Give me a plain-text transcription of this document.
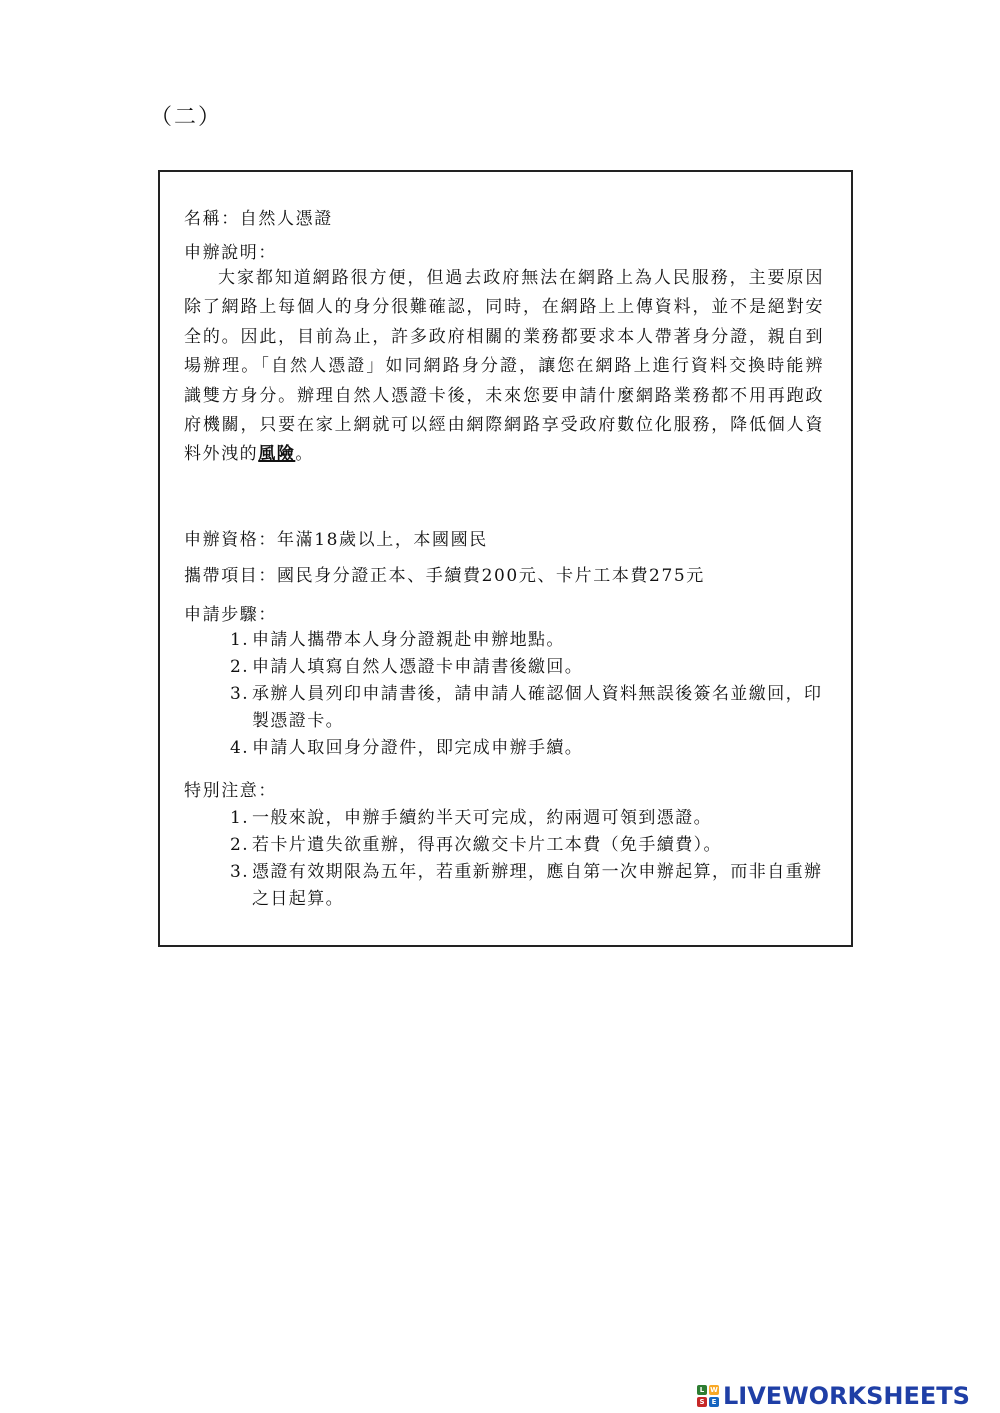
（二）
名稱：自然人憑證
申辦說明：
大家都知道網路很方便，但過去政府無法在網路上為人民服務，主要原因除了網路上每個人的身分很難確認，同時，在網路上上傳資料，並不是絕對安全的。因此，目前為止，許多政府相關的業務都要求本人帶著身分證，親自到場辦理。「自然人憑證」如同網路身分證，讓您在網路上進行資料交換時能辨識雙方身分。辦理自然人憑證卡後，未來您要申請什麼網路業務都不用再跑政府機關，只要在家上網就可以經由網際網路享受政府數位化服務，降低個人資料外洩的風險。
申辦資格：年滿18歲以上，本國國民
攜帶項目：國民身分證正本、手續費200元、卡片工本費275元
申請步驟：
1. 申請人攜帶本人身分證親赴申辦地點。
2. 申請人填寫自然人憑證卡申請書後繳回。
3. 承辦人員列印申請書後，請申請人確認個人資料無誤後簽名並繳回，印製憑證卡。
4. 申請人取回身分證件，即完成申辦手續。
特別注意：
1. 一般來說，申辦手續約半天可完成，約兩週可領到憑證。
2. 若卡片遺失欲重辦，得再次繳交卡片工本費（免手續費）。
3. 憑證有效期限為五年，若重新辦理，應自第一次申辦起算，而非自重辦之日起算。
L W
S	E LIVEWORKSHEETS
